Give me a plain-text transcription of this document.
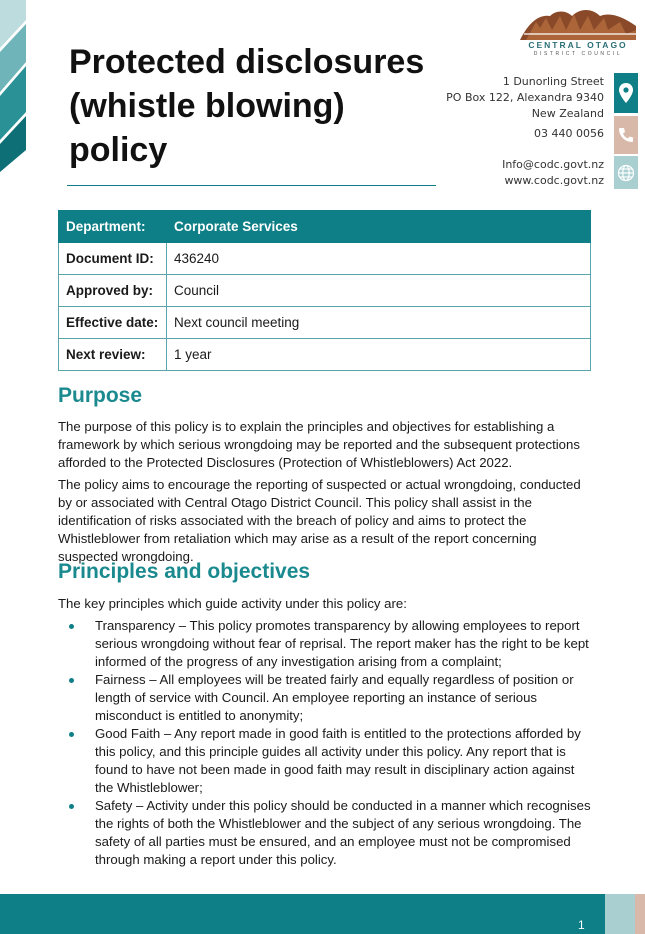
Protected disclosures
(whistle blowing)
policy
CENTRAL OTAGO
DISTRICT COUNCIL
1 Dunorling Street
PO Box 122, Alexandra 9340
New Zealand
03 440 0056
Info@codc.govt.nz
www.codc.govt.nz
Department:	Corporate Services
Document ID:	436240
Approved by:	Council
Effective date:	Next council meeting
Next review:	1 year
Purpose

The purpose of this policy is to explain the principles and objectives for establishing a framework by which serious wrongdoing may be reported and the subsequent protections afforded to the Protected Disclosures (Protection of Whistleblowers) Act 2022.

The policy aims to encourage the reporting of suspected or actual wrongdoing, conducted by or associated with Central Otago District Council. This policy shall assist in the identification of risks associated with the breach of policy and aims to protect the Whistleblower from retaliation which may arise as a result of the report concerning suspected wrongdoing.

Principles and objectives

The key principles which guide activity under this policy are:

Transparency – This policy promotes transparency by allowing employees to report serious wrongdoing without fear of reprisal. The report maker has the right to be kept informed of the progress of any investigation arising from a complaint;
Fairness – All employees will be treated fairly and equally regardless of position or length of service with Council. An employee reporting an instance of serious misconduct is entitled to anonymity;
Good Faith – Any report made in good faith is entitled to the protections afforded by this policy, and this principle guides all activity under this policy. Any report that is found to have not been made in good faith may result in disciplinary action against the Whistleblower;
Safety – Activity under this policy should be conducted in a manner which recognises the rights of both the Whistleblower and the subject of any serious wrongdoing. The safety of all parties must be ensured, and an employee must not be compromised through making a report under this policy.
1
